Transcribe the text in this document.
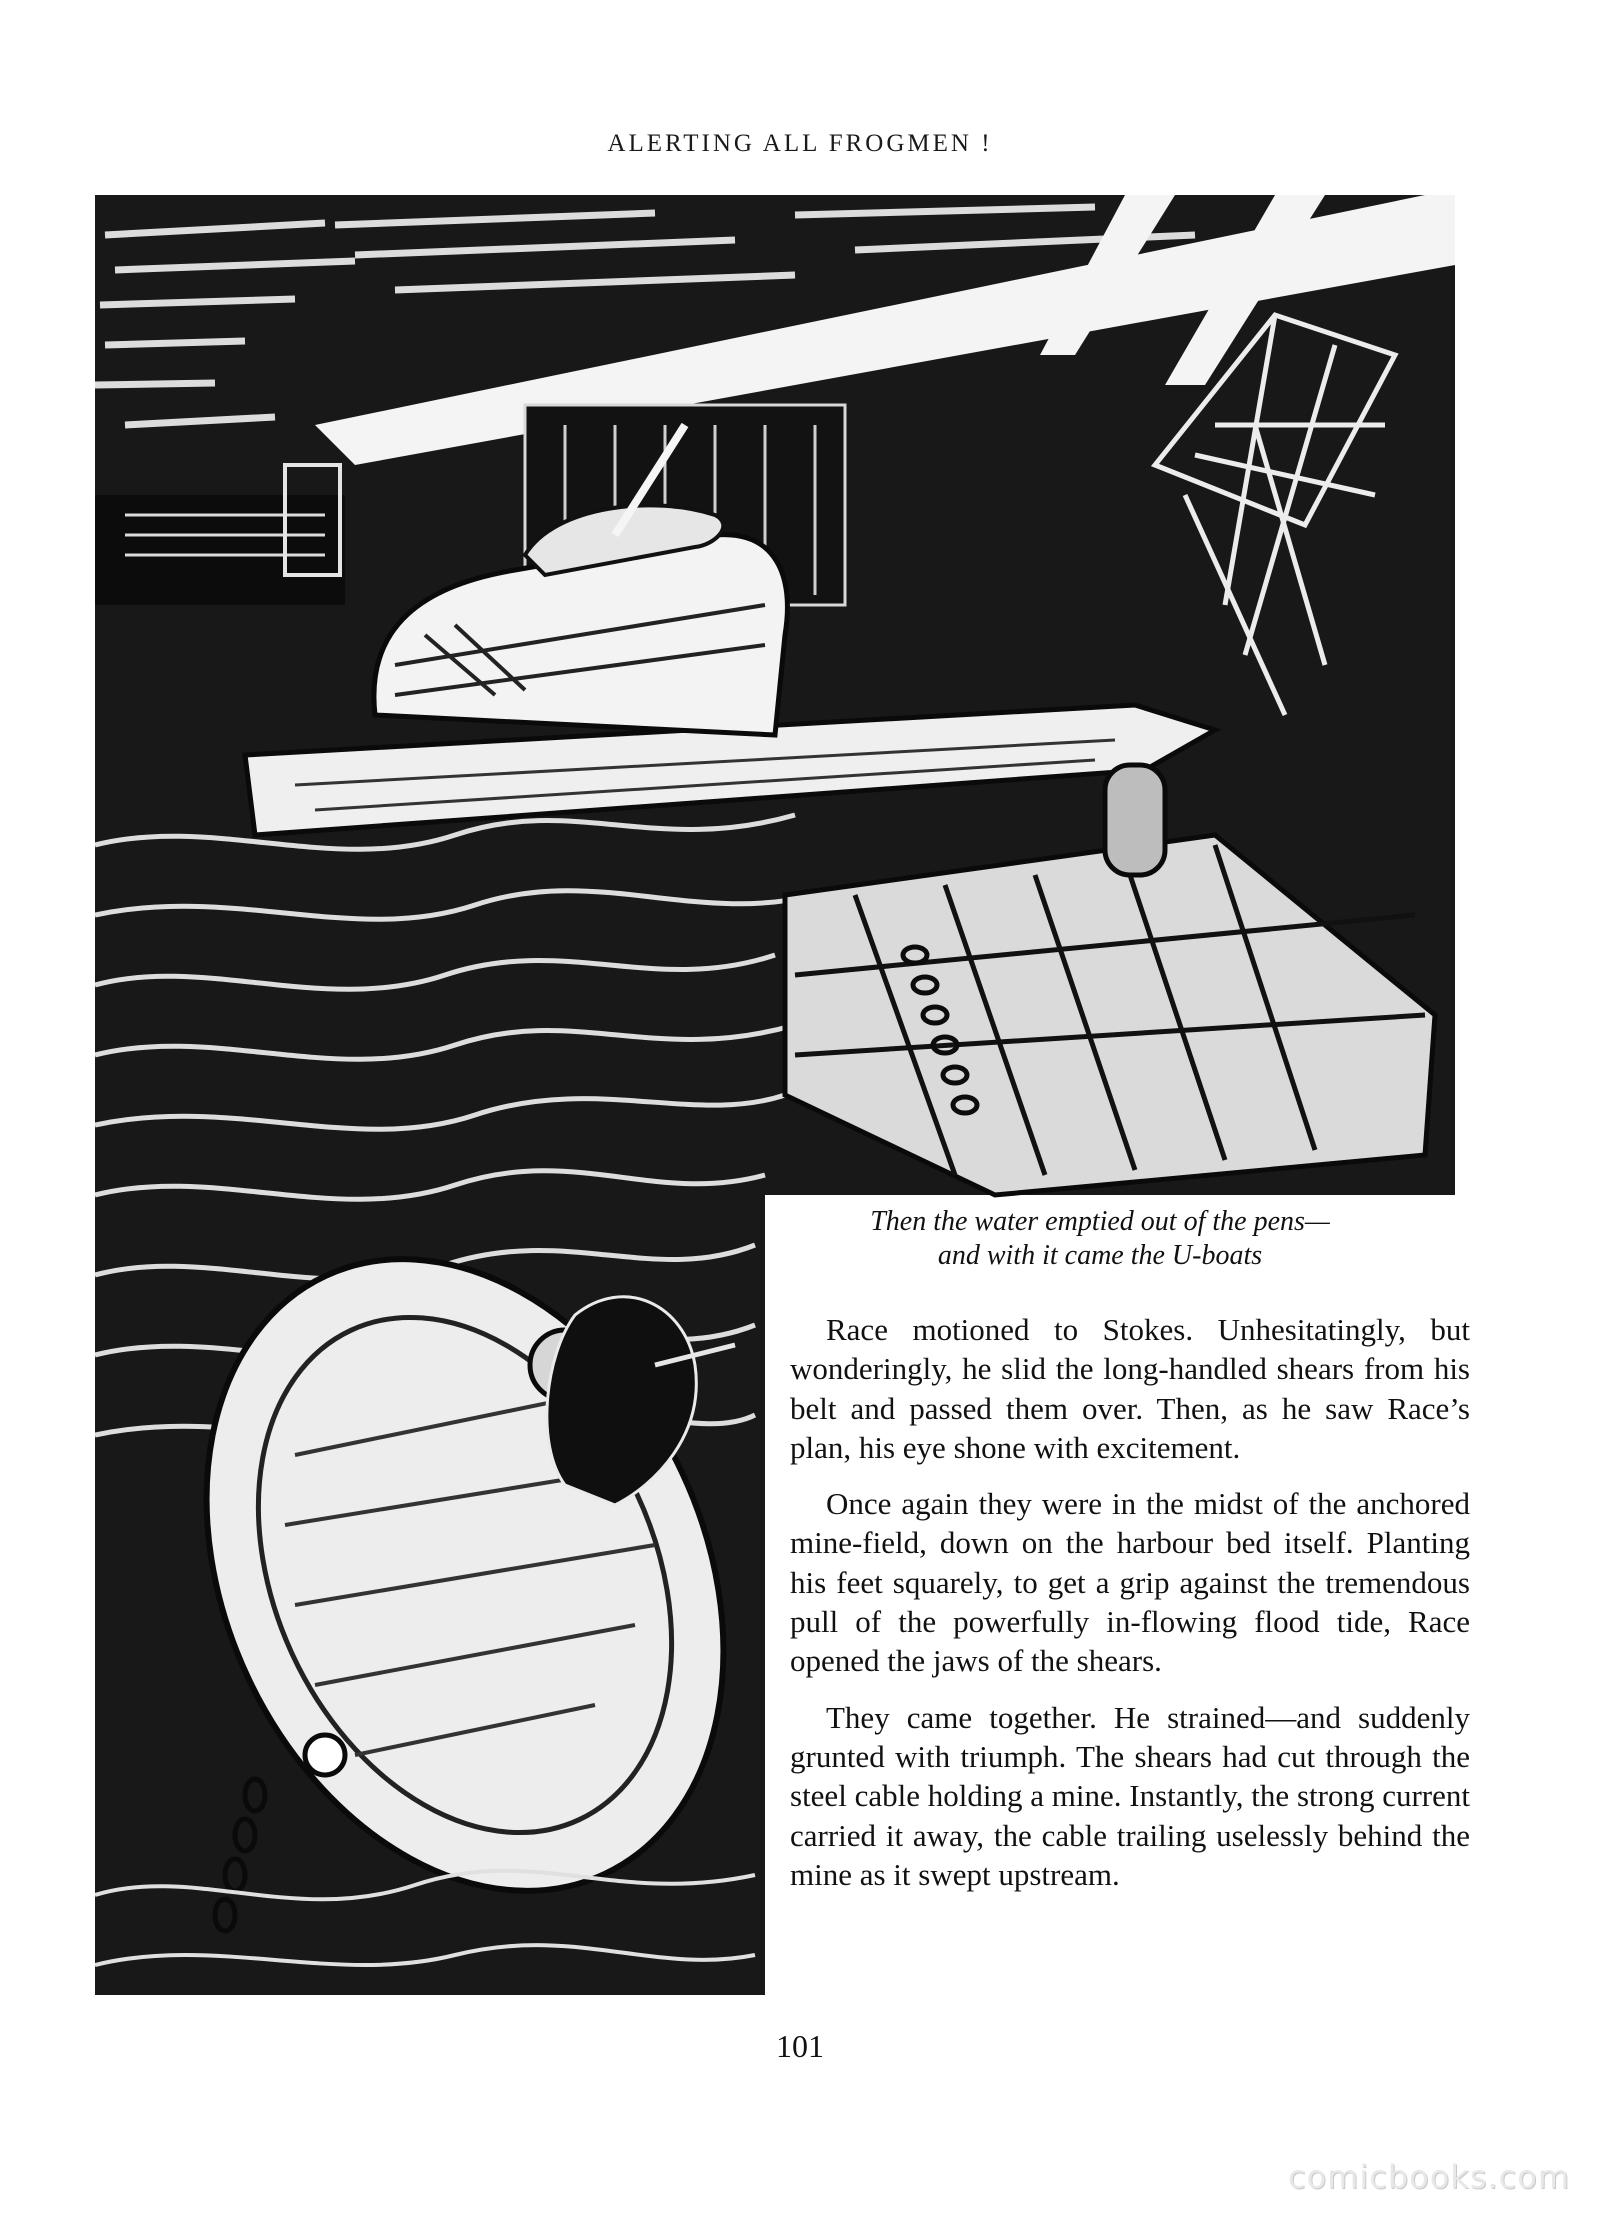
ALERTING ALL FROGMEN !
Then the water emptied out of the pens—
and with it came the U-boats

Race motioned to Stokes. Unhesitatingly, but wonderingly, he slid the long-handled shears from his belt and passed them over. Then, as he saw Race’s plan, his eye shone with excitement.

Once again they were in the midst of the anchored mine-field, down on the harbour bed itself. Planting his feet squarely, to get a grip against the tremendous pull of the powerfully in-flowing flood tide, Race opened the jaws of the shears.

They came together. He strained—and suddenly grunted with triumph. The shears had cut through the steel cable holding a mine. Instantly, the strong current carried it away, the cable trailing uselessly behind the mine as it swept upstream.

101
comicbooks.com
